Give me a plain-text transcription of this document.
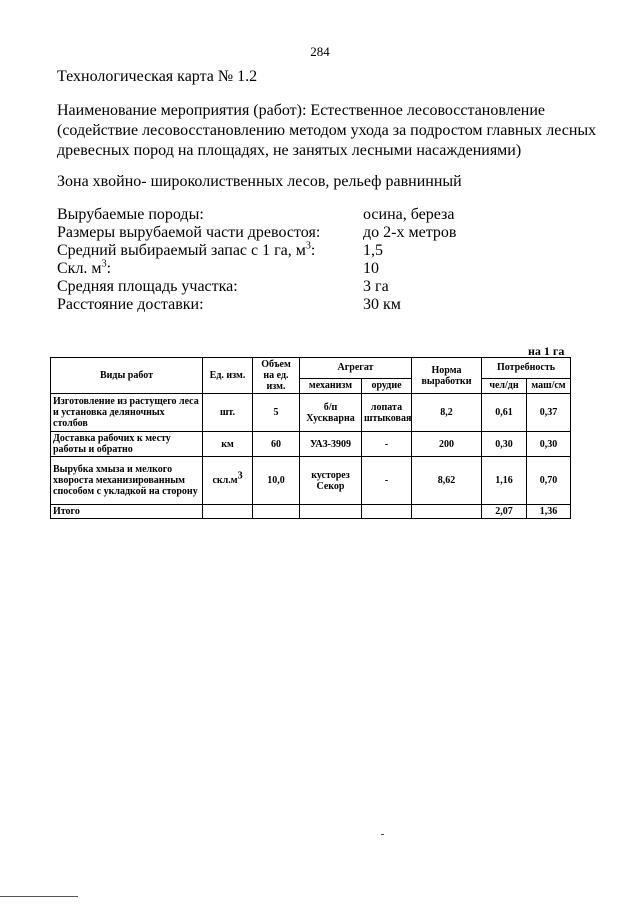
284
Технологическая карта № 1.2
Наименование мероприятия (работ): Естественное лесовосстановление (содействие лесовосстановлению методом ухода за подростом главных лесных древесных пород на площадях, не занятых лесными насаждениями)
Зона хвойно- широколиственных лесов, рельеф равнинный
Вырубаемые породы:	осина, береза
Размеры вырубаемой части древостоя:	до 2-х метров
Средний выбираемый запас с 1 га, $м^3$:	1,5
Скл. $м^3$:	10
Средняя площадь участка:	3 га
Расстояние доставки:	30 км
на 1 га
Виды работ	Ед. изм.	Объем на ед. изм.	Агрегат		Норма выработки	Потребность	
			механизм	орудие		чел/дн	маш/см
Изготовление из растущего леса и установка деляночных столбов	шт.	5	б/п Хускварна	лопата штыковая	8,2	0,61	0,37
Доставка рабочих к месту работы и обратно	км	60	УАЗ-3909	-	200	0,30	0,30
Вырубка хмыза и мелкого хвороста механизированным способом с укладкой на сторону	$скл.м^3$	10,0	кусторез Секор	-	8,62	1,16	0,70
Итого						2,07	1,36
